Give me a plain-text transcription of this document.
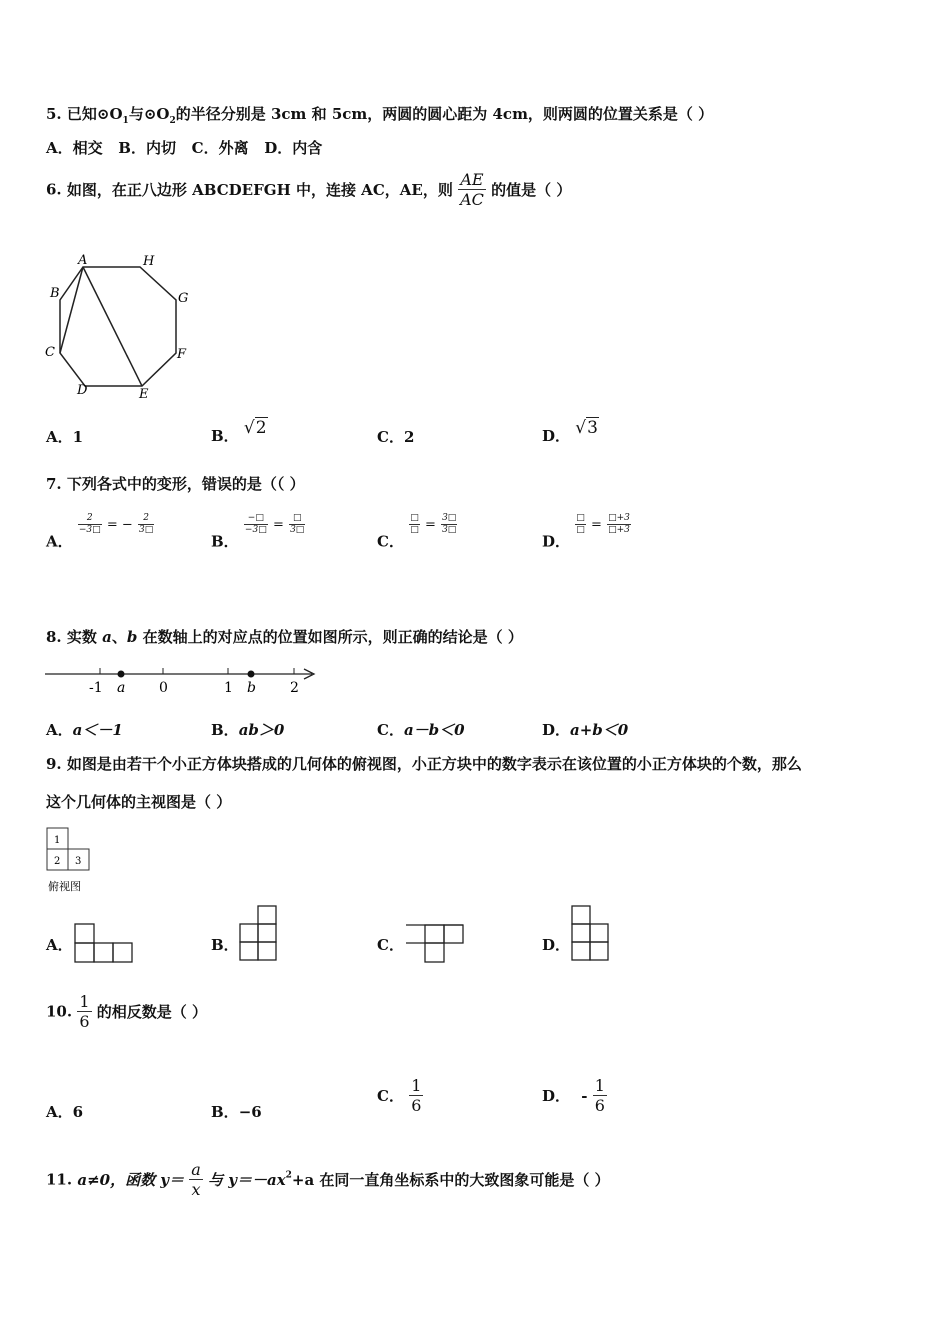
5. 已知$⊙O_1$与$⊙O_2$的半径分别是 3cm 和 5cm，两圆的圆心距为 4cm，则两圆的位置关系是（ ）
A．相交   B．内切   C．外离   D．内含
6. 如图，在正八边形 ABCDEFGH 中，连接 AC，AE，则 $\frac{AE}{AC}$ 的值是（ ）
A	H
B	G
C	F
D	E
A．1	B． √2	C．2	D． √3
7. 下列各式中的变形，错误的是（（ ）
A．
$\frac{2}{-3□}$ = − $\frac{2}{3□}$
B．
$\frac{-□}{-3□} = \frac{□}{3□}$
C．
$\frac{□}{□} = \frac{3□}{3□}$
D．
$\frac{□}{□} = \frac{□+3}{□+3}$
8. 实数 a、b 在数轴上的对应点的位置如图所示，则正确的结论是（ ）
-1 a 0	1 b 2
A．a＜－1	B．ab＞0	C．a－b＜0	D．a+b＜0
9. 如图是由若干个小正方体块搭成的几何体的俯视图，小正方块中的数字表示在该位置的小正方体块的个数，那么
这个几何体的主视图是（ ）
1
2 3
俯视图
A．	B．	C．	D．
10. $\frac{1}{6}$ 的相反数是（ ）
A．6	B．−6
C． $\frac{1}{6}$	D． - $\frac{1}{6}$
11. a≠0，函数 $y= \frac{a}{x}$ 与 $y=-ax^2+a$ 在同一直角坐标系中的大致图象可能是（ ）
